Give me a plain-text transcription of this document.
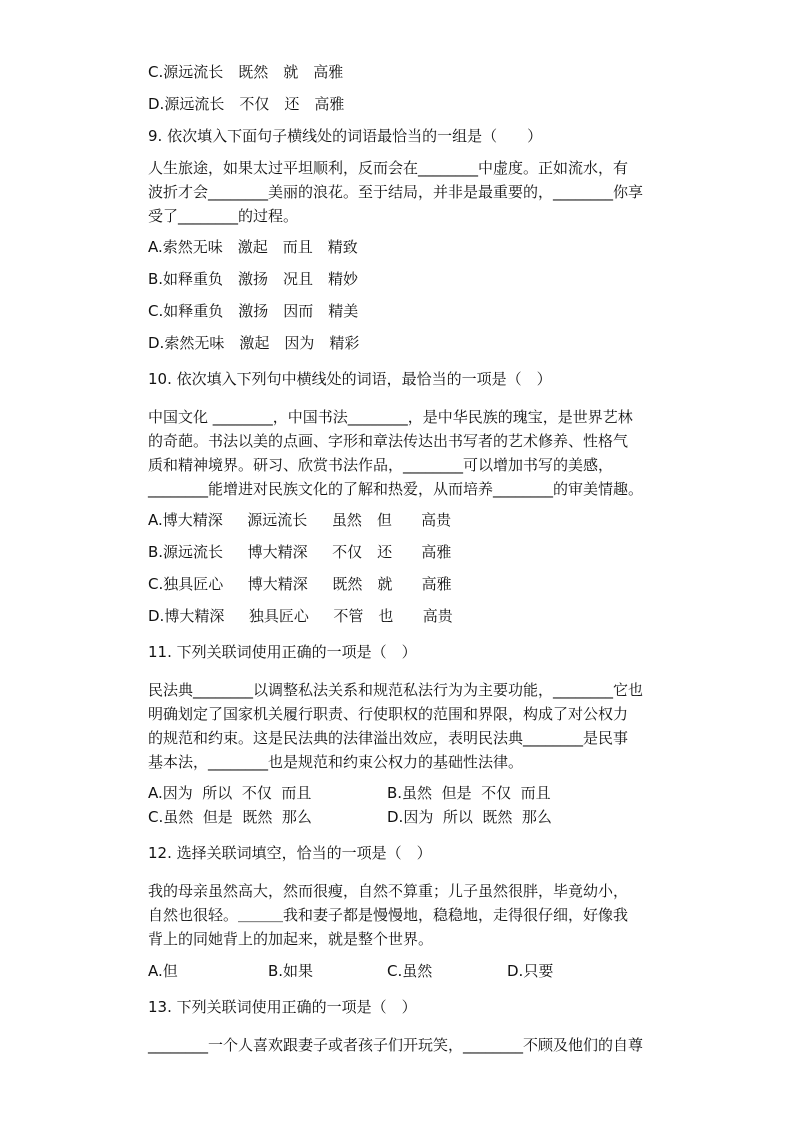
C.源远流长　既然　就　高雅
D.源远流长　不仅　还　高雅
9. 依次填入下面句子横线处的词语最恰当的一组是（　　）
人生旅途，如果太过平坦顺利，反而会在________中虚度。正如流水，有
波折才会________美丽的浪花。至于结局，并非是最重要的，________你享
受了________的过程。
A.索然无味　激起　而且　精致
B.如释重负　激扬　况且　精妙
C.如释重负　激扬　因而　精美
D.索然无味　激起　因为　精彩
10. 依次填入下列句中横线处的词语，最恰当的一项是（　）
中国文化 ________，中国书法________，是中华民族的瑰宝，是世界艺林
的奇葩。书法以美的点画、字形和章法传达出书写者的艺术修养、性格气
质和精神境界。研习、欣赏书法作品，________可以增加书写的美感，
________能增进对民族文化的了解和热爱，从而培养________的审美情趣。
A.博大精深　  源远流长　  虽然　但　   高贵
B.源远流长　  博大精深　  不仅　还　   高雅
C.独具匠心　  博大精深　  既然　就　   高雅
D.博大精深　  独具匠心　  不管　也　   高贵
11. 下列关联词使用正确的一项是（　）
民法典________以调整私法关系和规范私法行为为主要功能，________它也
明确划定了国家机关履行职责、行使职权的范围和界限，构成了对公权力
的规范和约束。这是民法典的法律溢出效应，表明民法典________是民事
基本法，________也是规范和约束公权力的基础性法律。
A.因为  所以  不仅  而且	B.虽然  但是  不仅  而且
C.虽然  但是  既然  那么	D.因为  所以  既然  那么
12. 选择关联词填空，恰当的一项是（　）
我的母亲虽然高大，然而很瘦，自然不算重；儿子虽然很胖，毕竟幼小，
自然也很轻。＿＿＿我和妻子都是慢慢地，稳稳地，走得很仔细，好像我
背上的同她背上的加起来，就是整个世界。
A.但	B.如果	C.虽然	D.只要
13. 下列关联词使用正确的一项是（　）
________一个人喜欢跟妻子或者孩子们开玩笑，________不顾及他们的自尊
